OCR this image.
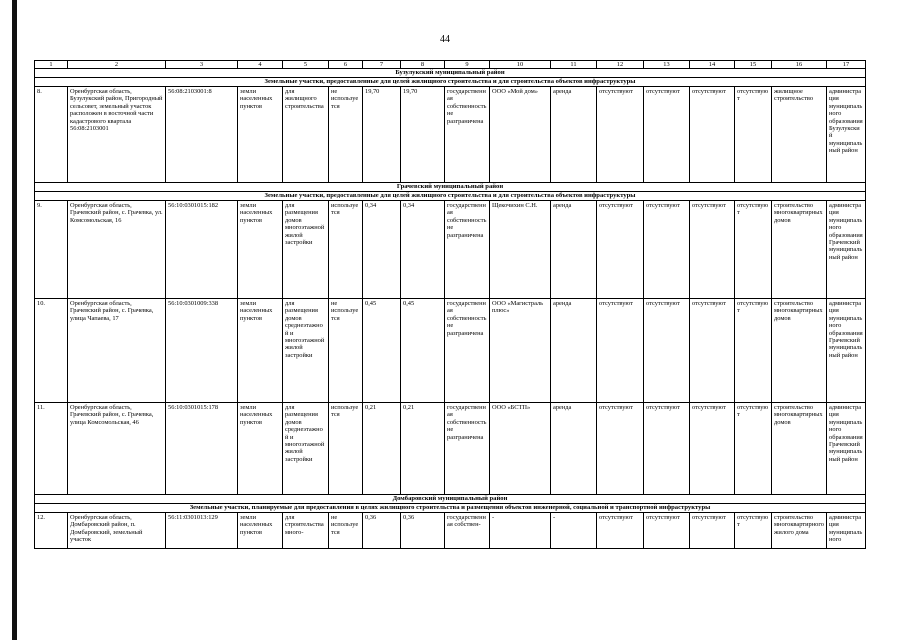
44
1	2	3	4	5	6	7	8	9	10	11	12	13	14	15	16	17
Бузулукский муниципальный район																
Земельные участки, предоставленные для целей жилищного строительства и для строительства объектов инфраструктуры																
8.	Оренбургская область, Бузулукский район, Пригородный сельсовет, земельный участок расположен в восточной части кадастрового квартала 56:08:2103001	56:08:2103001:8	земли населенных пунктов	для жилищного строительства	не используется	19,70	19,70	государственная собственность не разграничена	ООО «Мой дом»	аренда	отсутствуют	отсутствуют	отсутствуют	отсутствуют	жилищное строительство	администрация муниципального образования Бузулукский муниципальный район
Грачевский муниципальный район																
Земельные участки, предоставленные для целей жилищного строительства и для строительства объектов инфраструктуры																
9.	Оренбургская область, Грачевский район, с. Грачевка, ул. Комсомольская, 16	56:10:0301015:182	земли населенных пунктов	для размещения домов многоэтажной жилой застройки	используется	0,34	0,34	государственная собственность не разграничена	Щекочихин С.Н.	аренда	отсутствуют	отсутствуют	отсутствуют	отсутствуют	строительство многоквартирных домов	администрация муниципального образования Грачевский муниципальный район
10.	Оренбургская область, Грачевский район, с. Грачевка, улица Чапаева, 17	56:10:0301009:338	земли населенных пунктов	для размещения домов среднеэтажной и многоэтажной жилой застройки	не используется	0,45	0,45	государственная собственность не разграничена	ООО «Магистраль плюс»	аренда	отсутствуют	отсутствуют	отсутствуют	отсутствуют	строительство многоквартирных домов	администрация муниципального образования Грачевский муниципальный район
11.	Оренбургская область, Грачевский район, с. Грачевка, улица Комсомольская, 46	56:10:0301015:178	земли населенных пунктов	для размещения домов среднеэтажной и многоэтажной жилой застройки	используется	0,21	0,21	государственная собственность не разграничена	ООО «БСТП»	аренда	отсутствуют	отсутствуют	отсутствуют	отсутствуют	строительство многоквартирных домов	администрация муниципального образования Грачевский муниципальный район
Домбаровский муниципальный район																
Земельные участки, планируемые для предоставления в целях жилищного строительства и размещения объектов инженерной, социальной и транспортной инфраструктуры																
12.	Оренбургская область, Домбаровский район, п. Домбаровский, земельный участок	56:11:0301013:129	земли населенных пунктов	для строительства много-	не используется	0,36	0,36	государственная собствен-	-	-	отсутствуют	отсутствуют	отсутствуют	отсутствуют	строительство многоквартирного жилого дома	администрация муниципального
